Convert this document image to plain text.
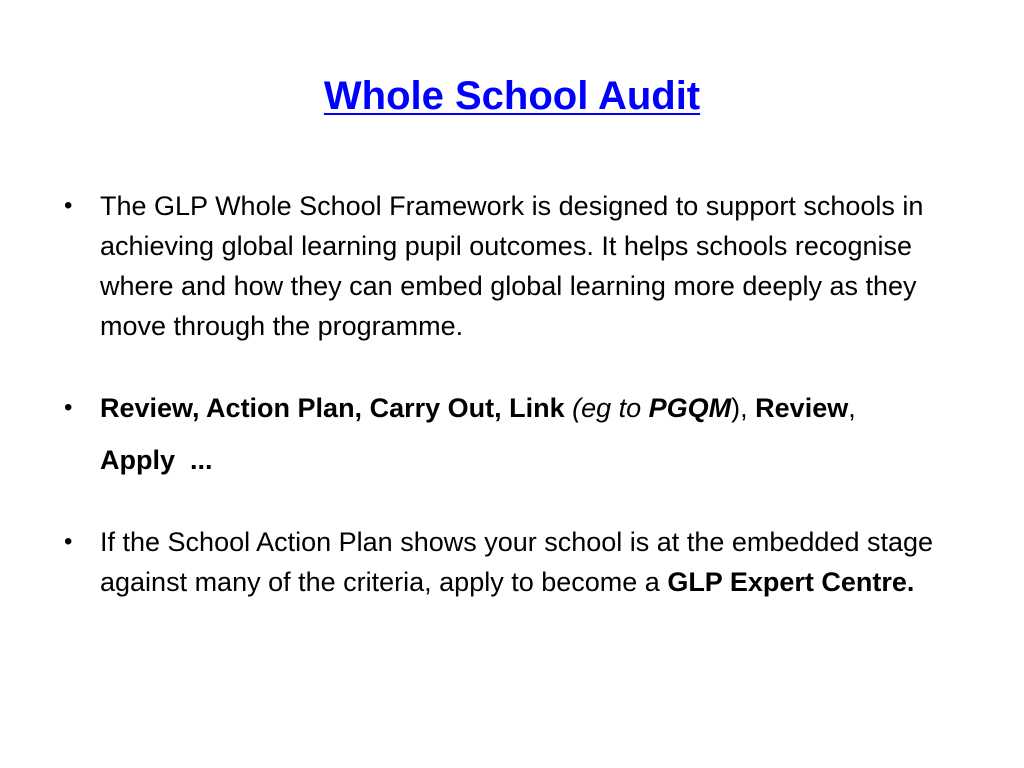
Whole School Audit

• The GLP Whole School Framework is designed to support schools in achieving global learning pupil outcomes. It helps schools recognise where and how they can embed global learning more deeply as they move through the programme.

• Review, Action Plan, Carry Out, Link (eg to PGQM), Review,
Apply  ...

• If the School Action Plan shows your school is at the embedded stage against many of the criteria, apply to become a GLP Expert Centre.
